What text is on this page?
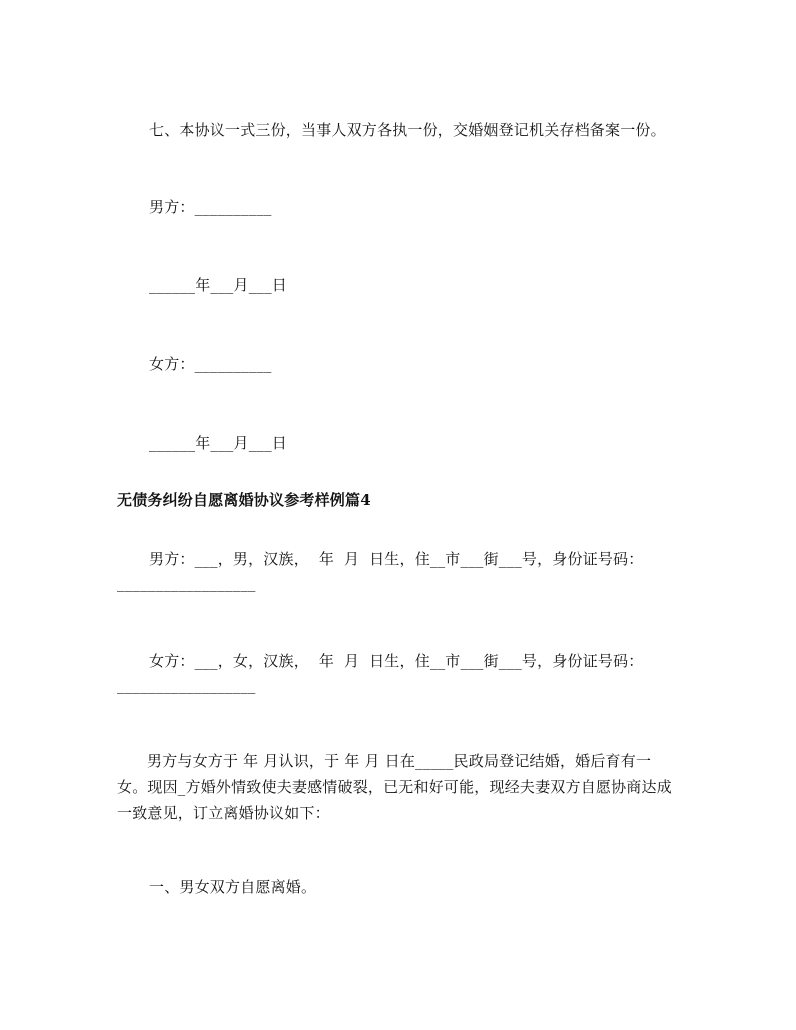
七、本协议一式三份，当事人双方各执一份，交婚姻登记机关存档备案一份。
男方：__________
______年___月___日
女方：__________
______年___月___日
无债务纠纷自愿离婚协议参考样例篇4
男方：___，男，汉族，  年  月  日生，住__市___街___号，身份证号码：
__________________
女方：___，女，汉族，  年  月  日生，住__市___街___号，身份证号码：
__________________
男方与女方于 年 月认识，于 年 月 日在_____民政局登记结婚，婚后育有一女。现因_方婚外情致使夫妻感情破裂，已无和好可能，现经夫妻双方自愿协商达成一致意见，订立离婚协议如下：
一、男女双方自愿离婚。
